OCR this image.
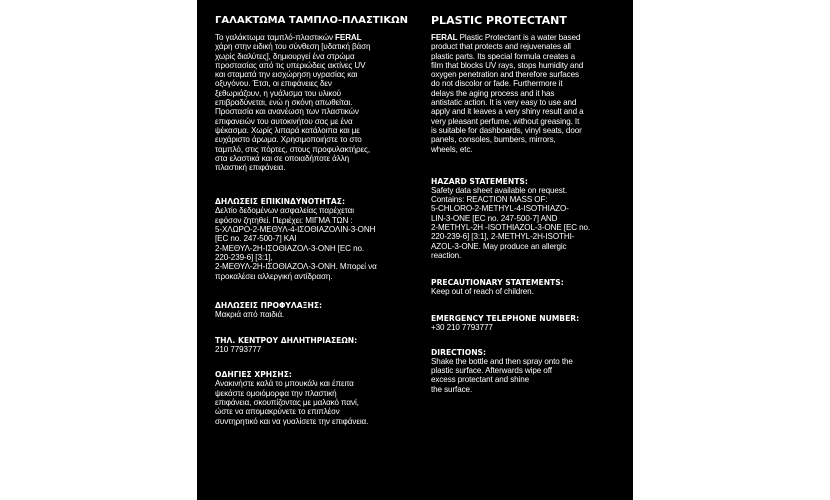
ΓΑΛΑΚΤΩΜΑ ΤΑΜΠΛΟ-ΠΛΑΣΤΙΚΩΝ

Το γαλάκτωμα ταμπλό-πλαστικών FERAL
χάρη στην ειδική του σύνθεση [υδατική βάση
χωρίς διαλύτες], δημιουργεί ένα στρώμα
προστασίας από τις υπεριώδεις ακτίνες UV
και σταματά την εισχώρηση υγρασίας και
οξυγόνου. Έτσι, οι επιφάνειες δεν
ξεθωριάζουν, η γυάλισμα του υλικού
επιβραδύνεται, ενώ η σκόνη απωθείται.
Προστασία και ανανέωση των πλαστικών
επιφανειών του αυτοκινήτου σας με ένα
ψέκασμα. Χωρίς λιπαρά κατάλοιπα και με
ευχάριστο άρωμα. Χρησιμοποιήστε το στο
ταμπλό, στις πόρτες, στους προφυλακτήρες,
στα ελαστικά και σε οποιαδήποτε άλλη
πλαστική επιφάνεια.

ΔΗΛΩΣΕΙΣ ΕΠΙΚΙΝΔΥΝΟΤΗΤΑΣ:

Δελτίο δεδομένων ασφαλείας παρέχεται
εφόσον ζητηθεί. Περιέχει: ΜΙΓΜΑ ΤΩΝ :
5-ΧΛΩΡΟ-2-ΜΕΘΥΛ-4-ΙΣΟΘΙΑΖΟΛΙΝ-3-ΟΝΗ
[EC no. 247-500-7] ΚΑΙ
2-ΜΕΘΥΛ-2Η-ΙΣΟΘΙΑΖΟΛ-3-ΟΝΗ [EC no.
220-239-6] [3:1],
2-ΜΕΘΥΛ-2Η-ΙΣΟΘΙΑΖΟΛ-3-ΟΝΗ. Μπορεί να
προκαλέσει αλλεργική αντίδραση.

ΔΗΛΩΣΕΙΣ ΠΡΟΦΥΛΑΞΗΣ:

Μακριά από παιδιά.

ΤΗΛ. ΚΕΝΤΡΟΥ ΔΗΛΗΤΗΡΙΑΣΕΩΝ:

210 7793777

ΟΔΗΓΙΕΣ ΧΡΗΣΗΣ:

Ανακινήστε καλά το μπουκάλι και έπειτα
ψεκάστε ομοιόμορφα την πλαστική
επιφάνεια, σκουπίζοντας με μαλακό πανί,
ώστε να απομακρύνετε το επιπλέον
συντηρητικό και να γυαλίσετε την επιφάνεια.

PLASTIC PROTECTANT

FERAL Plastic Protectant is a water based
product that protects and rejuvenates all
plastic parts. Its special formula creates a
film that blocks UV rays, stops humidity and
oxygen penetration and therefore surfaces
do not discolor or fade. Furthermore it
delays the aging process and it has
antistatic action. It is very easy to use and
apply and it leaves a very shiny result and a
very pleasant perfume, without greasing. It
is suitable for dashboards, vinyl seats, door
panels, consoles, bumbers, mirrors,
wheels, etc.

HAZARD STATEMENTS:

Safety data sheet available on request.
Contains: REACTION MASS OF:
5-CHLORO-2-METHYL-4-ISOTHIAZO-
LIN-3-ONE [EC no. 247-500-7] AND
2-METHYL-2H -ISOTHIAZOL-3-ONE [EC no.
220-239-6] [3:1], 2-METHYL-2H-ISOTHI-
AZOL-3-ONE. May produce an allergic
reaction.

PRECAUTIONARY STATEMENTS:

Keep out of reach of children.

EMERGENCY TELEPHONE NUMBER:

+30 210 7793777

DIRECTIONS:

Shake the bottle and then spray onto the
plastic surface. Afterwards wipe off
excess protectant and shine
the surface.
